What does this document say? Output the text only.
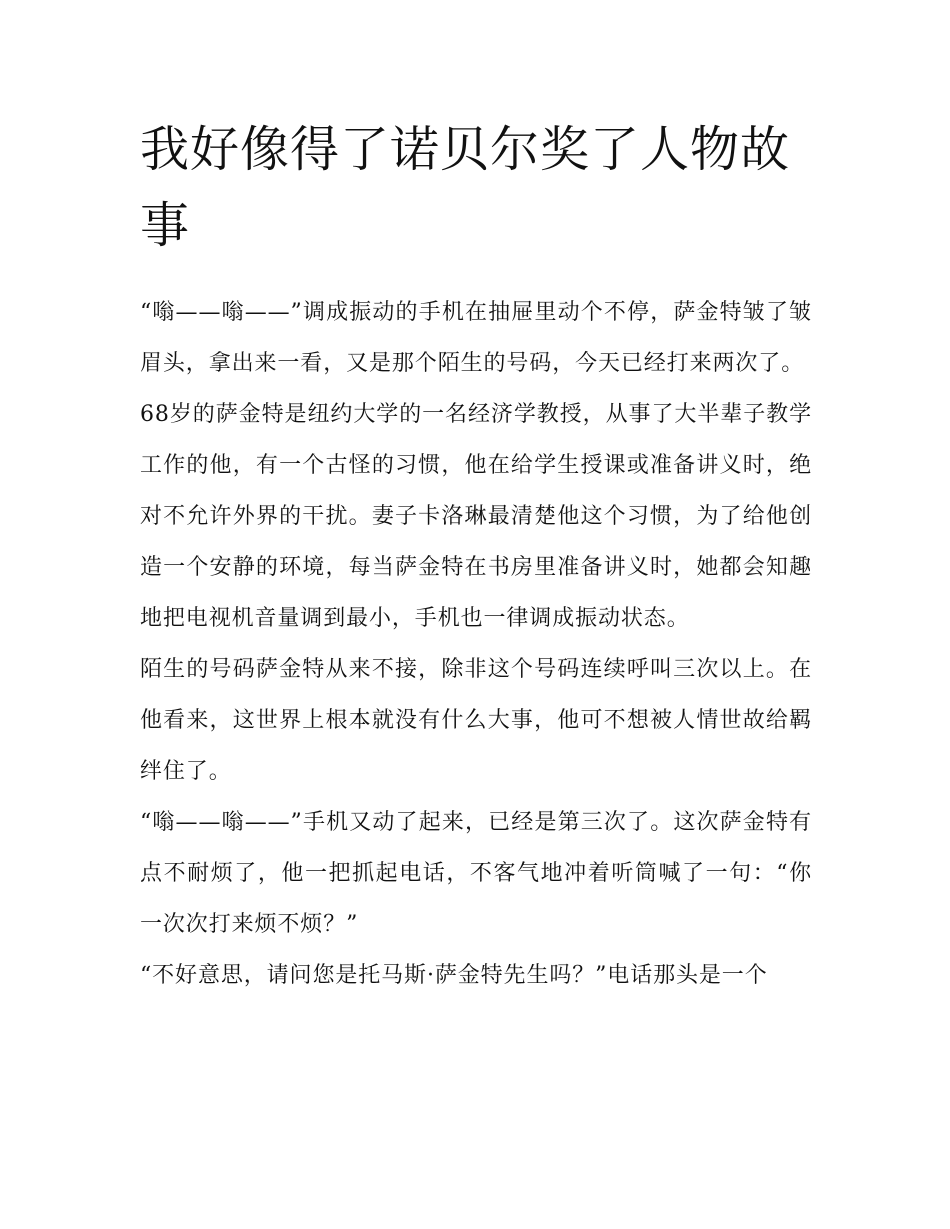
我好像得了诺贝尔奖了人物故事

“嗡——嗡——”调成振动的手机在抽屉里动个不停，萨金特皱了皱眉头，拿出来一看，又是那个陌生的号码，今天已经打来两次了。

68岁的萨金特是纽约大学的一名经济学教授，从事了大半辈子教学工作的他，有一个古怪的习惯，他在给学生授课或准备讲义时，绝对不允许外界的干扰。妻子卡洛琳最清楚他这个习惯，为了给他创造一个安静的环境，每当萨金特在书房里准备讲义时，她都会知趣地把电视机音量调到最小，手机也一律调成振动状态。

陌生的号码萨金特从来不接，除非这个号码连续呼叫三次以上。在他看来，这世界上根本就没有什么大事，他可不想被人情世故给羁绊住了。

“嗡——嗡——”手机又动了起来，已经是第三次了。这次萨金特有点不耐烦了，他一把抓起电话，不客气地冲着听筒喊了一句：“你一次次打来烦不烦？”

“不好意思，请问您是托马斯·萨金特先生吗？”电话那头是一个
